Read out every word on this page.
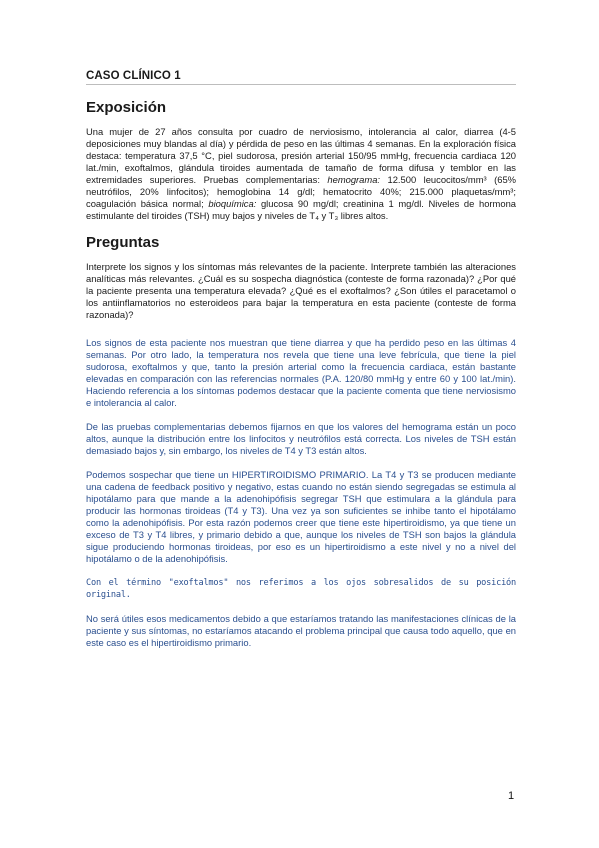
CASO CLÍNICO 1
Exposición

Una mujer de 27 años consulta por cuadro de nerviosismo, intolerancia al calor, diarrea (4-5 deposiciones muy blandas al día) y pérdida de peso en las últimas 4 semanas. En la exploración física destaca: temperatura 37,5 °C, piel sudorosa, presión arterial 150/95 mmHg, frecuencia cardiaca 120 lat./min, exoftalmos, glándula tiroides aumentada de tamaño de forma difusa y temblor en las extremidades superiores. Pruebas complementarias: hemograma: 12.500 leucocitos/mm³ (65% neutrófilos, 20% linfocitos); hemoglobina 14 g/dl; hematocrito 40%; 215.000 plaquetas/mm³; coagulación básica normal; bioquímica: glucosa 90 mg/dl; creatinina 1 mg/dl. Niveles de hormona estimulante del tiroides (TSH) muy bajos y niveles de T₄ y T₃ libres altos.

Preguntas

Interprete los signos y los síntomas más relevantes de la paciente. Interprete también las alteraciones analíticas más relevantes. ¿Cuál es su sospecha diagnóstica (conteste de forma razonada)? ¿Por qué la paciente presenta una temperatura elevada? ¿Qué es el exoftalmos? ¿Son útiles el paracetamol o los antiinflamatorios no esteroideos para bajar la temperatura en esta paciente (conteste de forma razonada)?

Los signos de esta paciente nos muestran que tiene diarrea y que ha perdido peso en las últimas 4 semanas. Por otro lado, la temperatura nos revela que tiene una leve febrícula, que tiene la piel sudorosa, exoftalmos y que, tanto la presión arterial como la frecuencia cardiaca, están bastante elevadas en comparación con las referencias normales (P.A. 120/80 mmHg y entre 60 y 100 lat./min). Haciendo referencia a los síntomas podemos destacar que la paciente comenta que tiene nerviosismo e intolerancia al calor.

De las pruebas complementarias debemos fijarnos en que los valores del hemograma están un poco altos, aunque la distribución entre los linfocitos y neutrófilos está correcta. Los niveles de TSH están demasiado bajos y, sin embargo, los niveles de T4 y T3 están altos.

Podemos sospechar que tiene un HIPERTIROIDISMO PRIMARIO. La T4 y T3 se producen mediante una cadena de feedback positivo y negativo, estas cuando no están siendo segregadas se estimula al hipotálamo para que mande a la adenohipófisis segregar TSH que estimulara a la glándula para producir las hormonas tiroideas (T4 y T3). Una vez ya son suficientes se inhibe tanto el hipotálamo como la adenohipófisis. Por esta razón podemos creer que tiene este hipertiroidismo, ya que tiene un exceso de T3 y T4 libres, y primario debido a que, aunque los niveles de TSH son bajos la glándula sigue produciendo hormonas tiroideas, por eso es un hipertiroidismo a este nivel y no a nivel del hipotálamo o de la adenohipófisis.

Con el término "exoftalmos" nos referimos a los ojos sobresalidos de su posición original.

No será útiles esos medicamentos debido a que estaríamos tratando las manifestaciones clínicas de la paciente y sus síntomas, no estaríamos atacando el problema principal que causa todo aquello, que en este caso es el hipertiroidismo primario.

1
